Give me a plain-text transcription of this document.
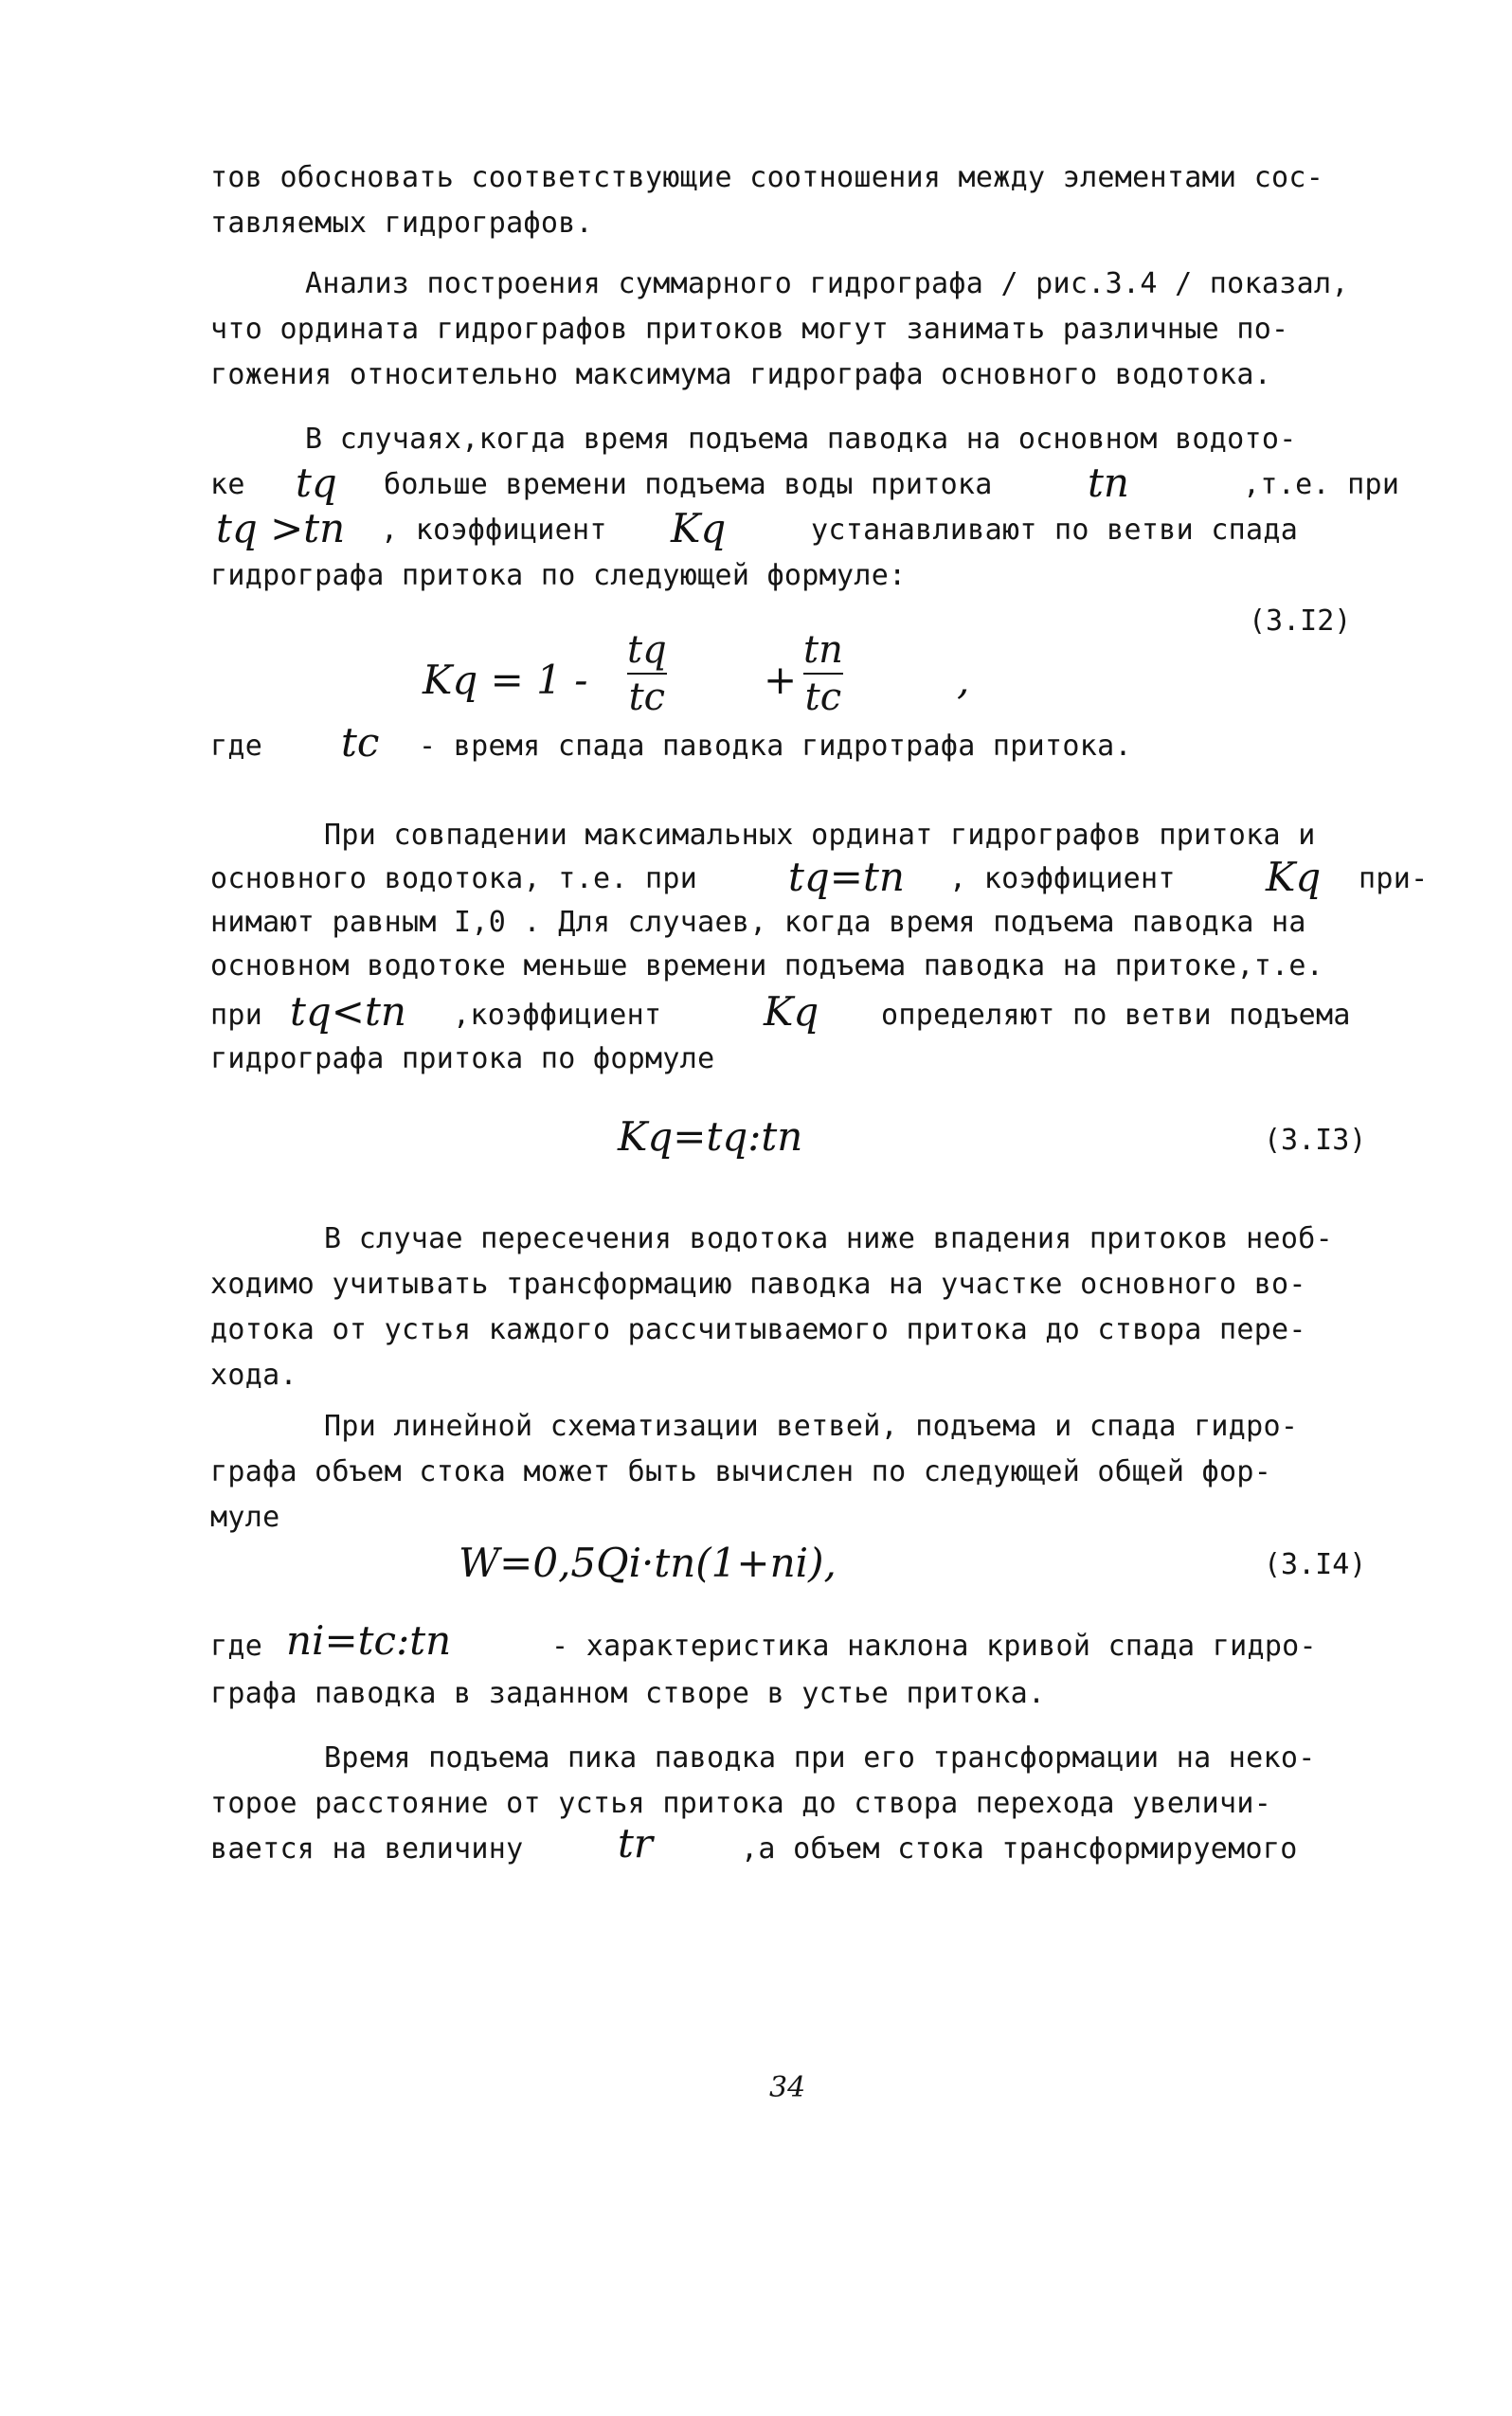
тов обосновать соответствующие соотношения между элементами сос-
тавляемых гидрографов.
Анализ построения суммарного гидрографа / рис.3.4 / показал,
что ордината гидрографов притоков могут занимать различные по-
гожения относительно максимума гидрографа основного водотока.
В случаях,когда время подъема паводка на основном водото-
ке tq больше времени подъема воды притока tn	,т.е. при
tq >tn , коэффициент Kq	устанавливают по ветви спада
гидрографа притока по следующей формуле:
(3.I2)
Kq = 1 -
tq
tc +
tn
tc	,
где tc - время спада паводка гидротрафа притока.
При совпадении максимальных ординат гидрографов притока и
основного водотока, т.е. при tq=tn , коэффициент Kq при-
нимают равным I,0 . Для случаев, когда время подъема паводка на
основном водотоке меньше времени подъема паводка на притоке,т.е.
при tq<tn ,коэффициент	Kq определяют по ветви подъема
гидрографа притока по формуле
Kq=tq:tn	(3.I3)
В случае пересечения водотока ниже впадения притоков необ-
ходимо учитывать трансформацию паводка на участке основного во-
дотока от устья каждого рассчитываемого притока до створа пере-
хода.
При линейной схематизации ветвей, подъема и спада гидро-
графа объем стока может быть вычислен по следующей общей фор-
муле
W=0,5Qi·tn(1+ni),	(3.I4)
где ni=tc:tn	- характеристика наклона кривой спада гидро-
графа паводка в заданном створе в устье притока.
Время подъема пика паводка при его трансформации на неко-
торое расстояние от устья притока до створа перехода увеличи-
вается на величину tr	,а объем стока трансформируемого
34
